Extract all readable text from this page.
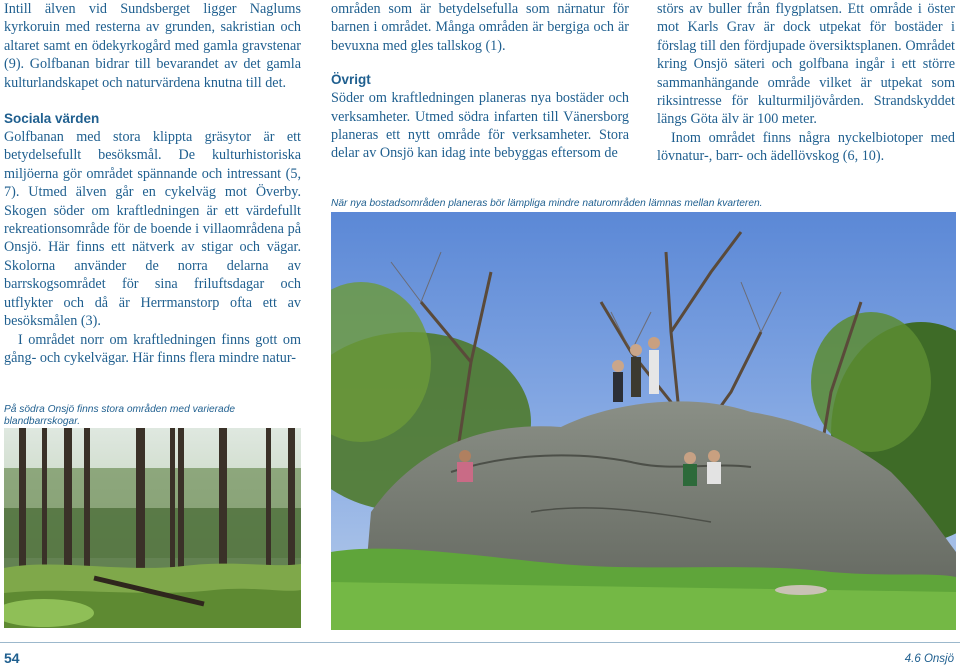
Intill älven vid Sundsberget ligger Naglums kyrkoruin med resterna av grunden, sakristian och altaret samt en ödekyrkogård med gamla gravstenar (9). Golfbanan bidrar till bevarandet av det gamla kulturlandskapet och naturvärdena knutna till det.

Sociala värden

Golfbanan med stora klippta gräsytor är ett betydelsefullt besöksmål. De kulturhistoriska miljöerna gör området spännande och intressant (5, 7). Utmed älven går en cykelväg mot Överby. Skogen söder om kraftledningen är ett värdefullt rekreationsområde för de boende i villaområdena på Onsjö. Här finns ett nätverk av stigar och vägar. Skolorna använder de norra delarna av barrskogsområdet för sina friluftsdagar och utflykter och då är Herrmanstorp ofta ett av besöksmålen (3).

I området norr om kraftledningen finns gott om gång- och cykelvägar. Här finns flera mindre natur-

områden som är betydelsefulla som närnatur för barnen i området. Många områden är bergiga och är bevuxna med gles tallskog (1).

Övrigt

Söder om kraftledningen planeras nya bostäder och verksamheter. Utmed södra infarten till Vänersborg planeras ett nytt område för verksamheter. Stora delar av Onsjö kan idag inte bebyggas eftersom de

störs av buller från flygplatsen. Ett område i öster mot Karls Grav är dock utpekat för bostäder i förslag till den fördjupade översiktsplanen. Området kring Onsjö säteri och golfbana ingår i ett större sammanhängande område vilket är utpekat som riksintresse för kulturmiljövården. Strandskyddet längs Göta älv är 100 meter.

Inom området finns några nyckelbiotoper med lövnatur-, barr- och ädellövskog (6, 10).

När nya bostadsområden planeras bör lämpliga mindre naturområden lämnas mellan kvarteren.
På södra Onsjö finns stora områden med varierade blandbarrskogar.
54	4.6 Onsjö
